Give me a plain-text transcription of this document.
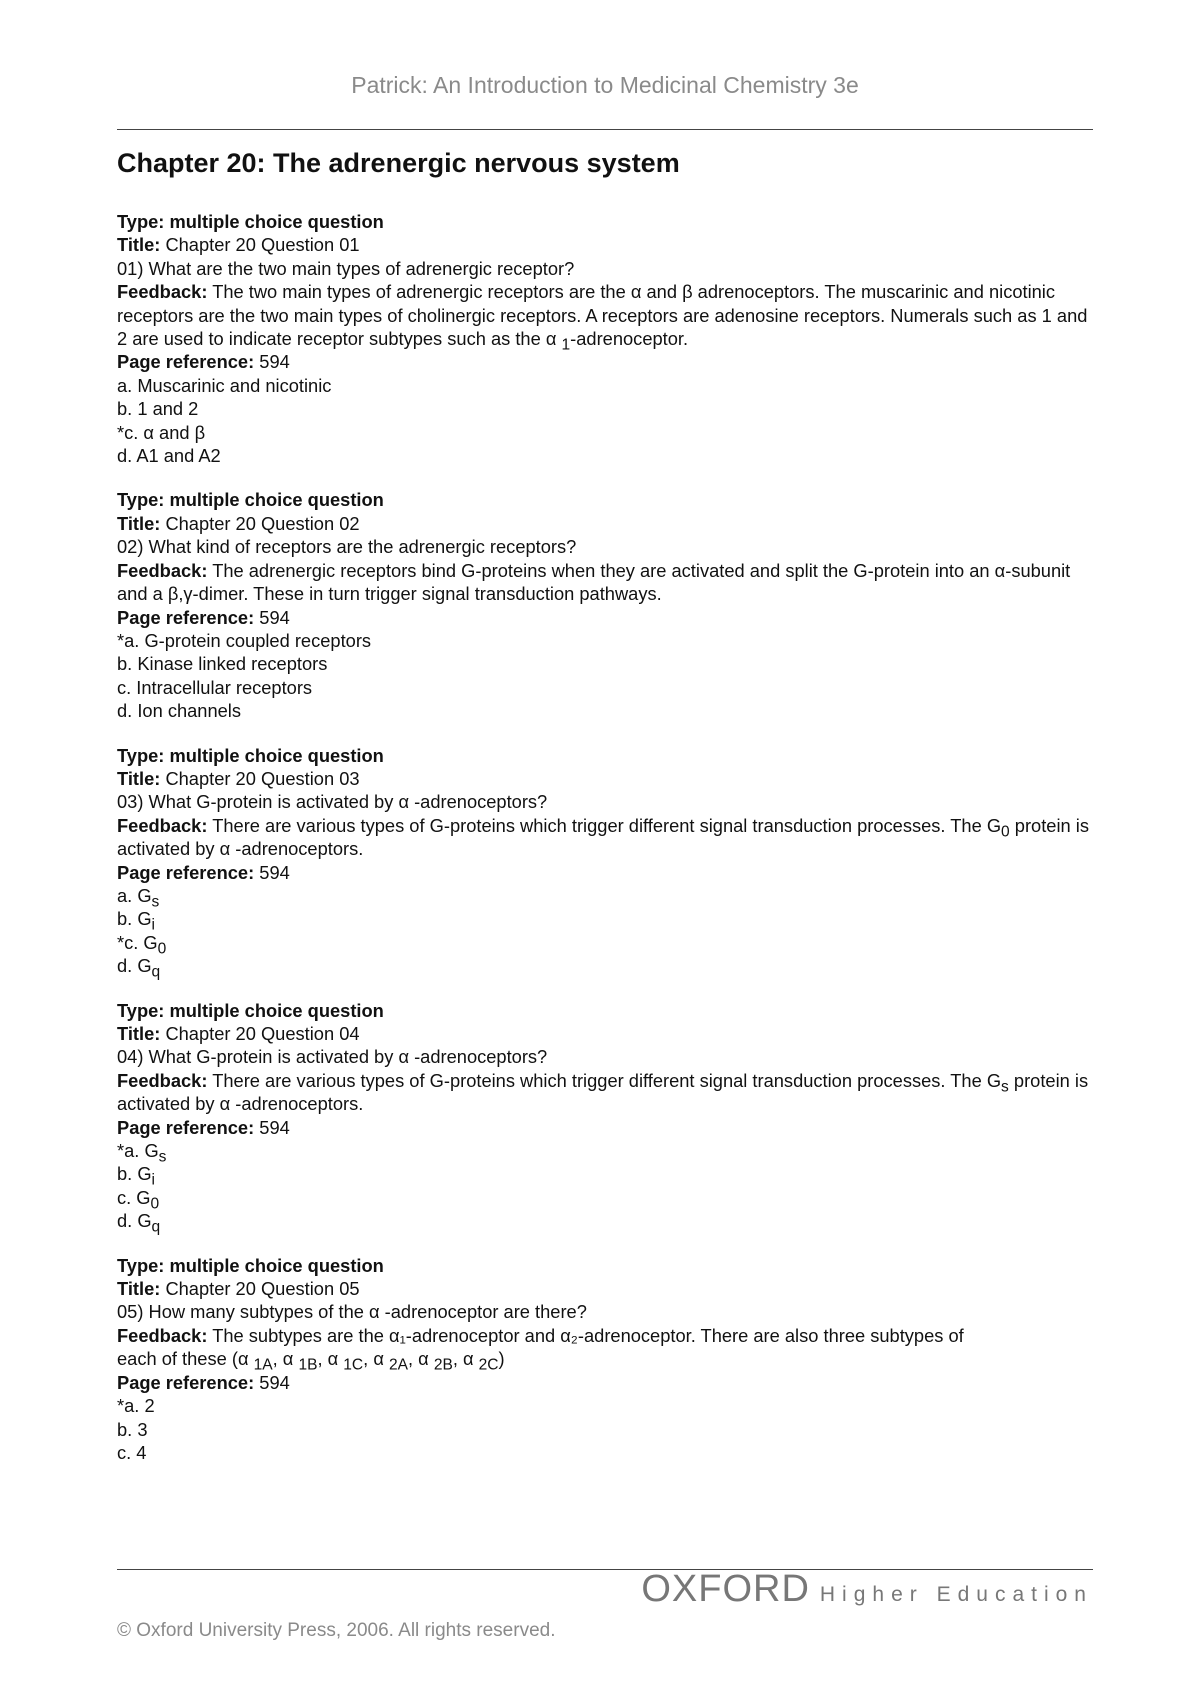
Patrick: An Introduction to Medicinal Chemistry 3e
Chapter 20: The adrenergic nervous system
Type: multiple choice question
Title: Chapter 20 Question 01
01) What are the two main types of adrenergic receptor?
Feedback: The two main types of adrenergic receptors are the α and β adrenoceptors. The muscarinic and nicotinic receptors are the two main types of cholinergic receptors. A receptors are adenosine receptors. Numerals such as 1 and 2 are used to indicate receptor subtypes such as the α $_1$-adrenoceptor.
Page reference: 594
a. Muscarinic and nicotinic
b. 1 and 2
*c. α and β
d. A1 and A2
Type: multiple choice question
Title: Chapter 20 Question 02
02) What kind of receptors are the adrenergic receptors?
Feedback: The adrenergic receptors bind G-proteins when they are activated and split the G-protein into an α-subunit and a β,γ-dimer. These in turn trigger signal transduction pathways.
Page reference: 594
*a. G-protein coupled receptors
b. Kinase linked receptors
c. Intracellular receptors
d. Ion channels
Type: multiple choice question
Title: Chapter 20 Question 03
03) What G-protein is activated by α -adrenoceptors?
Feedback: There are various types of G-proteins which trigger different signal transduction processes. The $G_0$ protein is activated by α -adrenoceptors.
Page reference: 594
a. $G_s$
b. $G_i$
*c. $G_0$
d. $G_q$
Type: multiple choice question
Title: Chapter 20 Question 04
04) What G-protein is activated by α -adrenoceptors?
Feedback: There are various types of G-proteins which trigger different signal transduction processes. The $G_s$ protein is activated by α -adrenoceptors.
Page reference: 594
*a. $G_s$
b. $G_i$
c. $G_0$
d. $G_q$
Type: multiple choice question
Title: Chapter 20 Question 05
05) How many subtypes of the α -adrenoceptor are there?
Feedback: The subtypes are the α₁-adrenoceptor and α₂-adrenoceptor. There are also three subtypes of
each of these (α $_{1A}$, α $_{1B}$, α $_{1C}$, α $_{2A}$, α $_{2B}$, α $_{2C}$)
Page reference: 594
*a. 2
b. 3
c. 4
OXFORD Higher Education
© Oxford University Press, 2006. All rights reserved.
